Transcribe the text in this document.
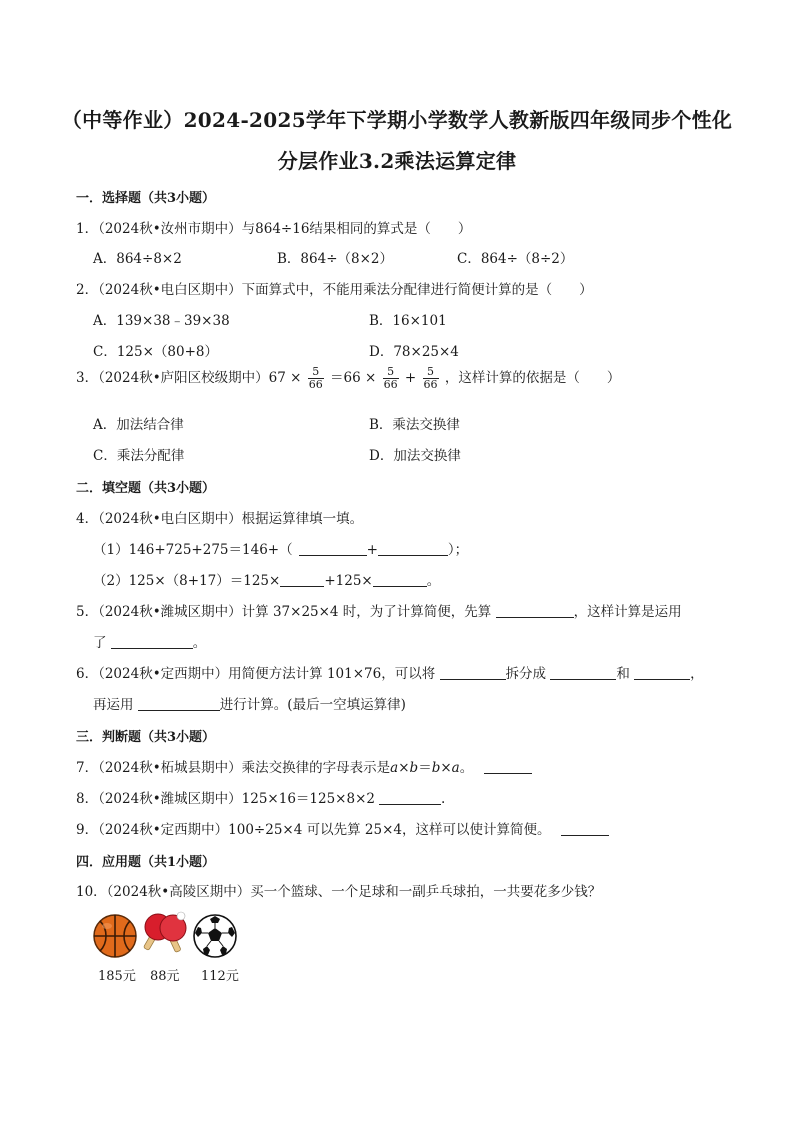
（中等作业）2024-2025学年下学期小学数学人教新版四年级同步个性化
分层作业3.2乘法运算定律
一．选择题（共3小题）
1．（2024秋•汝州市期中）与864÷16结果相同的算式是（　　）
A．864÷8×2	B．864÷（8×2）	C．864÷（8÷2）
2．（2024秋•电白区期中）下面算式中，不能用乘法分配律进行简便计算的是（　　）
A．139×38﹣39×38	B．16×101
C．125×（80+8）	D．78×25×4
3．（2024秋•庐阳区校级期中）$67 \times \frac{5}{66} =66 \times \frac{5}{66} + \frac{5}{66}$ ，这样计算的依据是（　　）
A．加法结合律	B．乘法交换律
C．乘法分配律	D．加法交换律
二．填空题（共3小题）
4．（2024秋•电白区期中）根据运算律填一填。
（1）146+725+275＝146+（	+	）；
（2）125×（8+17）＝125×	+125×	。
5．（2024秋•潍城区期中）计算 37×25×4 时，为了计算简便，先算	，这样计算是运用
了	。
6．（2024秋•定西期中）用简便方法计算 101×76，可以将	拆分成	和	，
再运用	进行计算。(最后一空填运算律)
三．判断题（共3小题）
7．（2024秋•柘城县期中）乘法交换律的字母表示是a×b＝b×a。
8．（2024秋•潍城区期中）125×16＝125×8×2	.
9．（2024秋•定西期中）100÷25×4 可以先算 25×4，这样可以使计算简便。
四．应用题（共1小题）
10．（2024秋•高陵区期中）买一个篮球、一个足球和一副乒乓球拍，一共要花多少钱？
185元 88元 112元
